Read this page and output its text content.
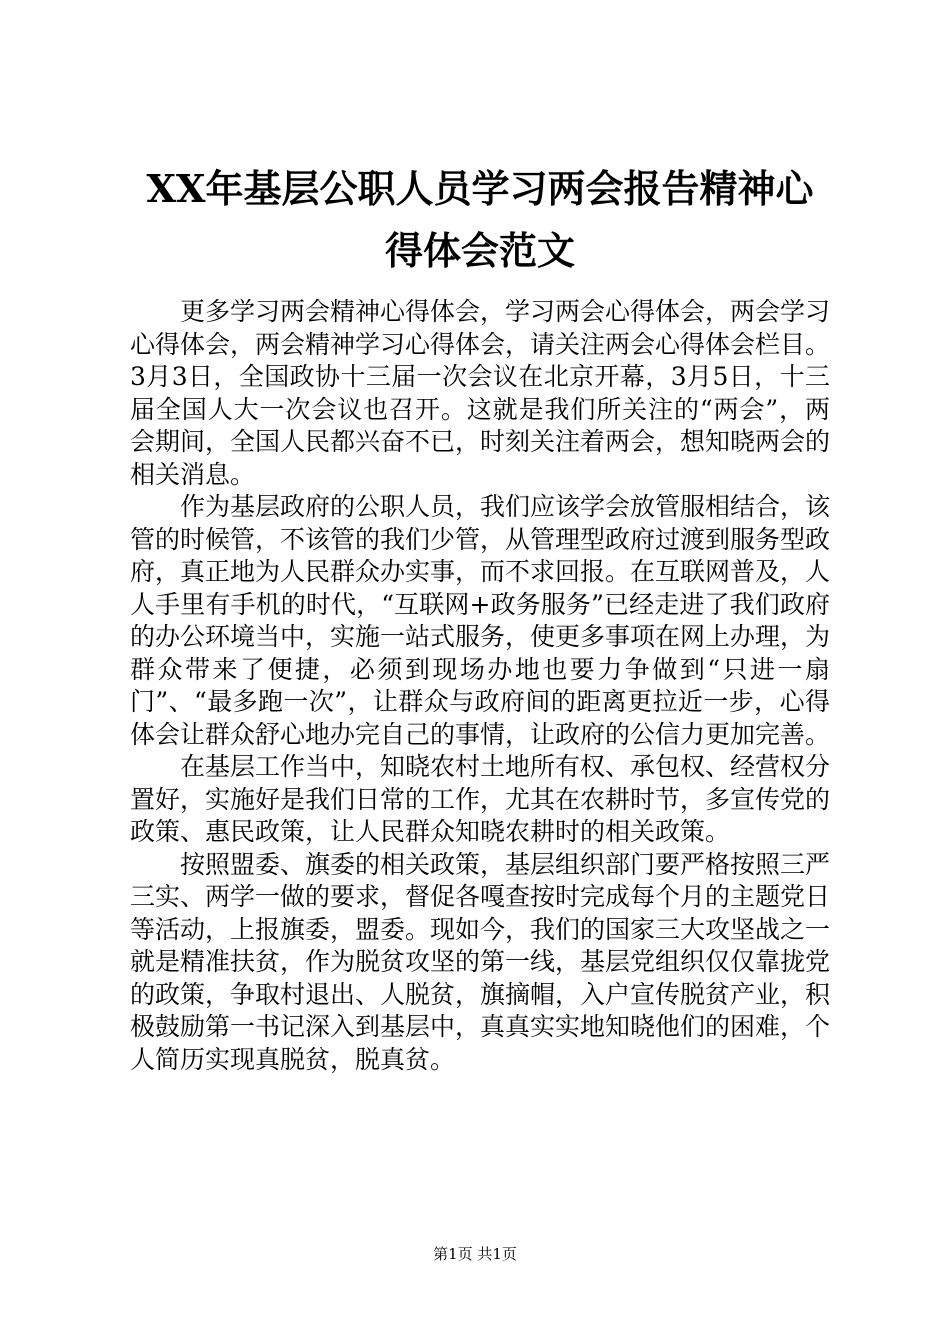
XX年基层公职人员学习两会报告精神心得体会范文

更多学习两会精神心得体会，学习两会心得体会，两会学习心得体会，两会精神学习心得体会，请关注两会心得体会栏目。3月3日，全国政协十三届一次会议在北京开幕，3月5日，十三届全国人大一次会议也召开。这就是我们所关注的“两会”，两会期间，全国人民都兴奋不已，时刻关注着两会，想知晓两会的相关消息。

作为基层政府的公职人员，我们应该学会放管服相结合，该管的时候管，不该管的我们少管，从管理型政府过渡到服务型政府，真正地为人民群众办实事，而不求回报。在互联网普及，人人手里有手机的时代，“互联网+政务服务”已经走进了我们政府的办公环境当中，实施一站式服务，使更多事项在网上办理，为群众带来了便捷，必须到现场办地也要力争做到“只进一扇门”、“最多跑一次”，让群众与政府间的距离更拉近一步，心得体会让群众舒心地办完自己的事情，让政府的公信力更加完善。

在基层工作当中，知晓农村土地所有权、承包权、经营权分置好，实施好是我们日常的工作，尤其在农耕时节，多宣传党的政策、惠民政策，让人民群众知晓农耕时的相关政策。

按照盟委、旗委的相关政策，基层组织部门要严格按照三严三实、两学一做的要求，督促各嘎查按时完成每个月的主题党日等活动，上报旗委，盟委。现如今，我们的国家三大攻坚战之一就是精准扶贫，作为脱贫攻坚的第一线，基层党组织仅仅靠拢党的政策，争取村退出、人脱贫，旗摘帽，入户宣传脱贫产业，积极鼓励第一书记深入到基层中，真真实实地知晓他们的困难，个人简历实现真脱贫，脱真贫。

第1页 共1页
